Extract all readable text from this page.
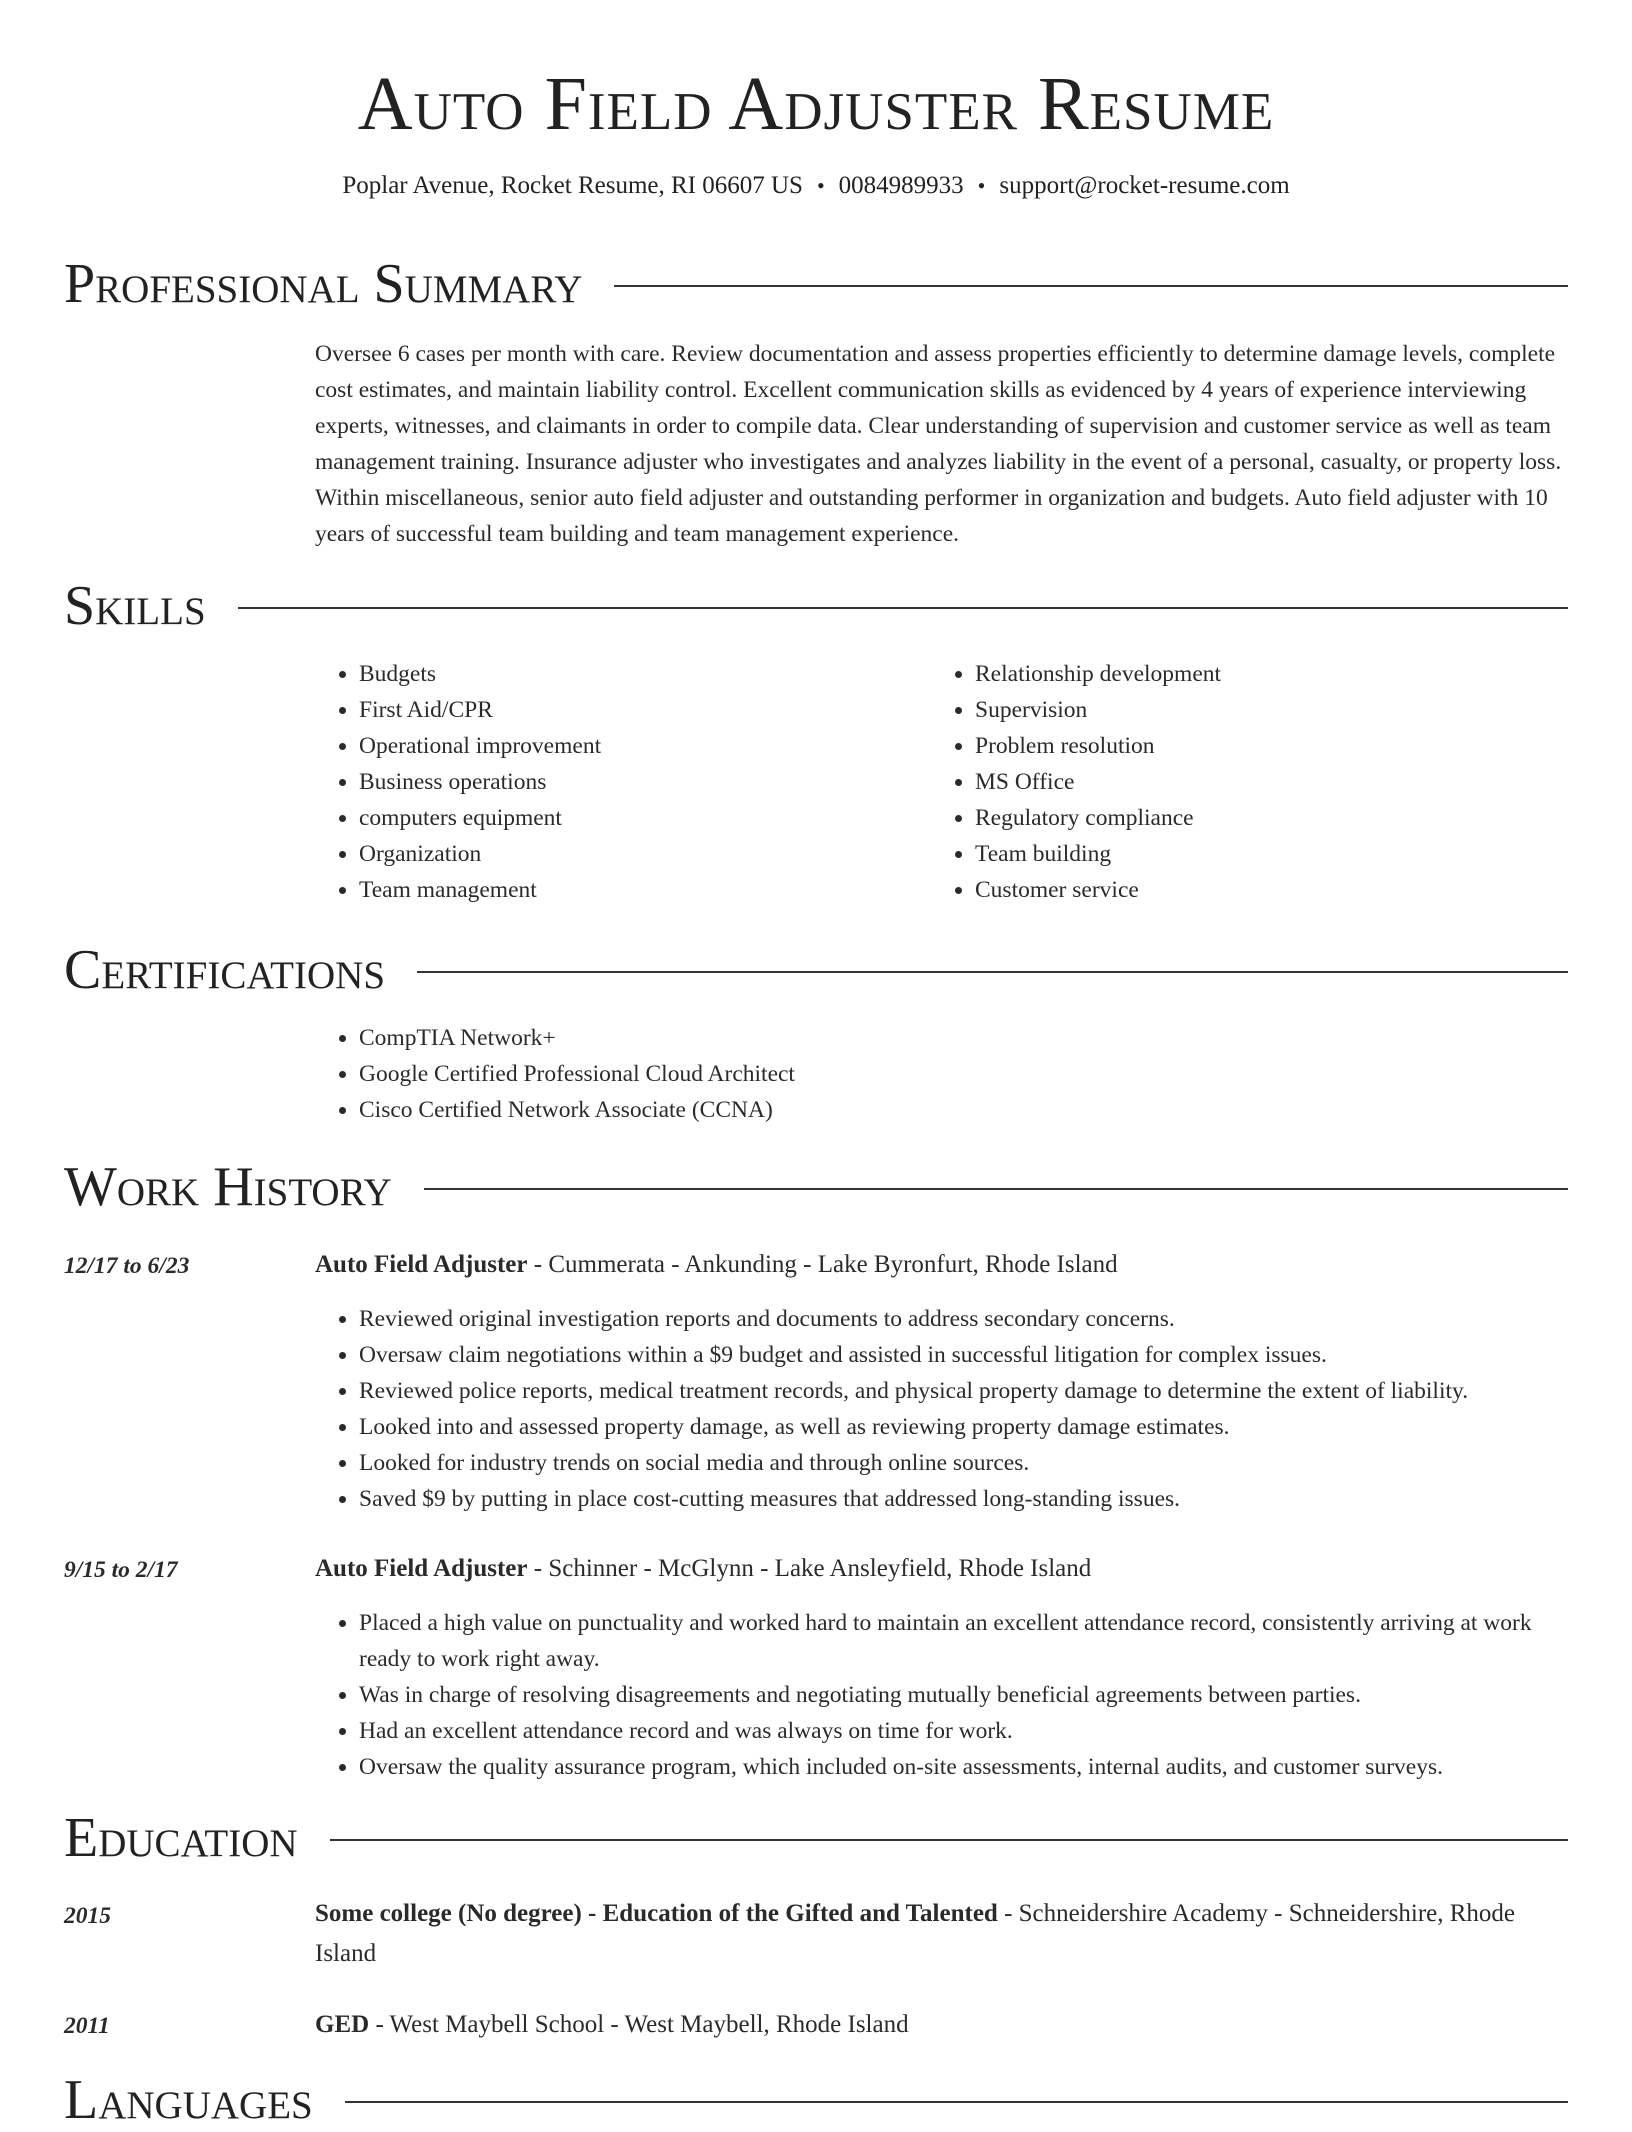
Auto Field Adjuster Resume
Poplar Avenue, Rocket Resume, RI 06607 US • 0084989933 • support@rocket-resume.com
Professional Summary
Oversee 6 cases per month with care. Review documentation and assess properties efficiently to determine damage levels, complete cost estimates, and maintain liability control. Excellent communication skills as evidenced by 4 years of experience interviewing experts, witnesses, and claimants in order to compile data. Clear understanding of supervision and customer service as well as team management training. Insurance adjuster who investigates and analyzes liability in the event of a personal, casualty, or property loss. Within miscellaneous, senior auto field adjuster and outstanding performer in organization and budgets. Auto field adjuster with 10 years of successful team building and team management experience.
Skills
• Budgets
• First Aid/CPR
• Operational improvement
• Business operations
• computers equipment
• Organization
• Team management
• Relationship development
• Supervision
• Problem resolution
• MS Office
• Regulatory compliance
• Team building
• Customer service
Certifications
• CompTIA Network+
• Google Certified Professional Cloud Architect
• Cisco Certified Network Associate (CCNA)
Work History
12/17 to 6/23	Auto Field Adjuster - Cummerata - Ankunding - Lake Byronfurt, Rhode Island
• Reviewed original investigation reports and documents to address secondary concerns.
• Oversaw claim negotiations within a $9 budget and assisted in successful litigation for complex issues.
• Reviewed police reports, medical treatment records, and physical property damage to determine the extent of liability.
• Looked into and assessed property damage, as well as reviewing property damage estimates.
• Looked for industry trends on social media and through online sources.
• Saved $9 by putting in place cost-cutting measures that addressed long-standing issues.
9/15 to 2/17	Auto Field Adjuster - Schinner - McGlynn - Lake Ansleyfield, Rhode Island
• Placed a high value on punctuality and worked hard to maintain an excellent attendance record, consistently arriving at work ready to work right away.
• Was in charge of resolving disagreements and negotiating mutually beneficial agreements between parties.
• Had an excellent attendance record and was always on time for work.
• Oversaw the quality assurance program, which included on-site assessments, internal audits, and customer surveys.
Education
2015	Some college (No degree) - Education of the Gifted and Talented - Schneidershire Academy - Schneidershire, Rhode Island
2011	GED - West Maybell School - West Maybell, Rhode Island
Languages
